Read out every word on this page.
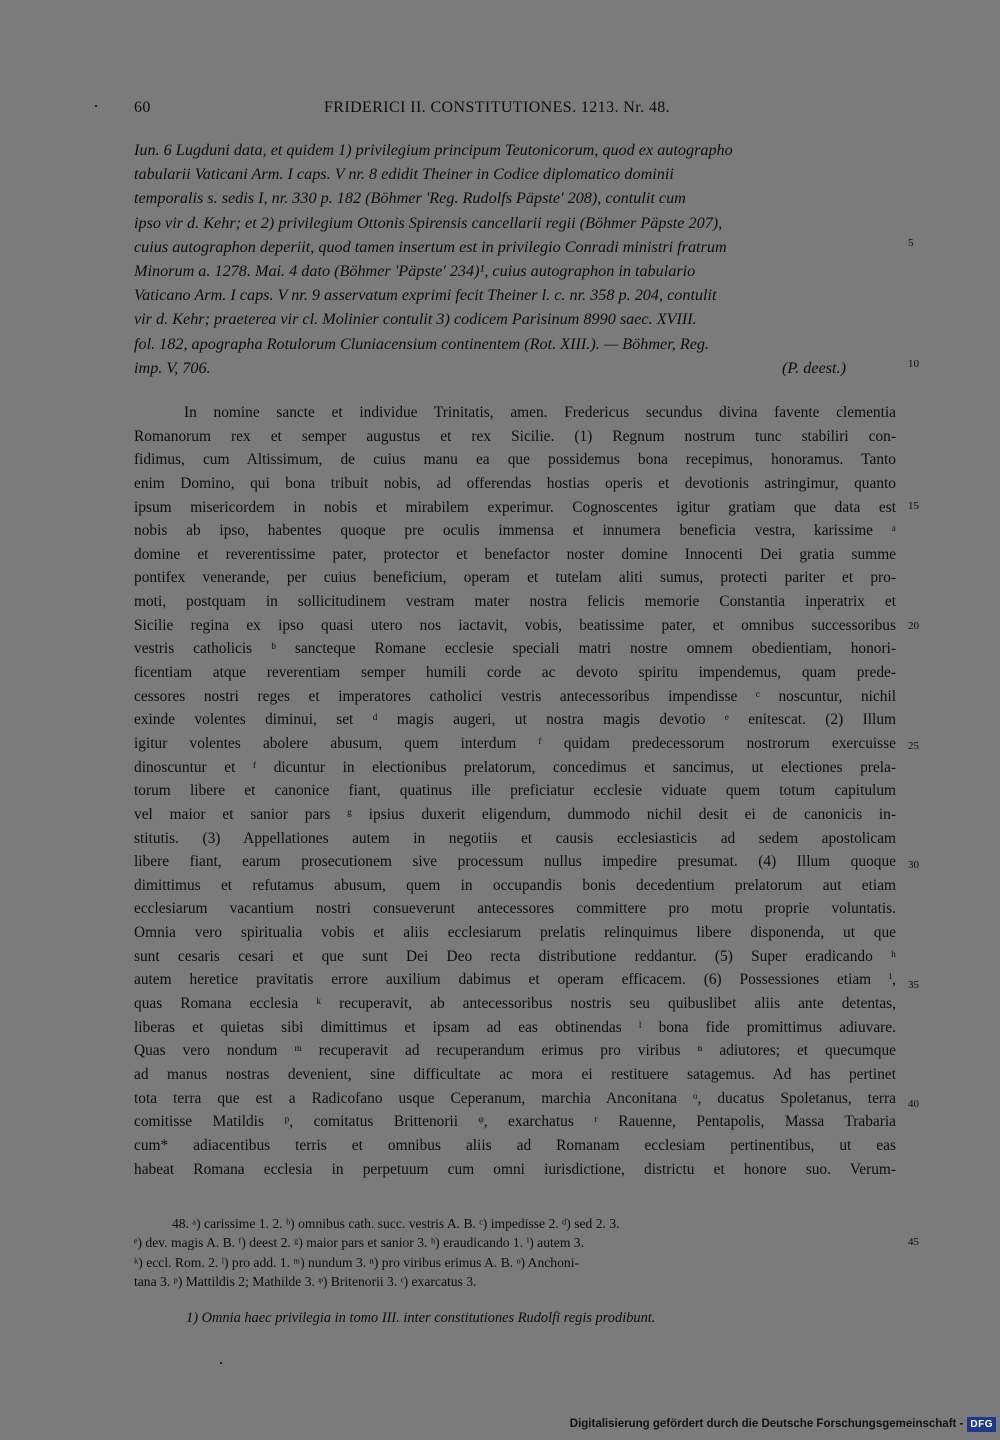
60	FRIDERICI II. CONSTITUTIONES. 1213. Nr. 48.
Iun. 6 Lugduni data, et quidem 1) privilegium principum Teutonicorum, quod ex autographo
tabularii Vaticani Arm. I caps. V nr. 8 edidit Theiner in Codice diplomatico dominii
temporalis s. sedis I, nr. 330 p. 182 (Böhmer 'Reg. Rudolfs Päpste' 208), contulit cum
ipso vir d. Kehr; et 2) privilegium Ottonis Spirensis cancellarii regii (Böhmer Päpste 207),
cuius autographon deperiit, quod tamen insertum est in privilegio Conradi ministri fratrum
Minorum a. 1278. Mai. 4 dato (Böhmer 'Päpste' 234)¹, cuius autographon in tabulario
Vaticano Arm. I caps. V nr. 9 asservatum exprimi fecit Theiner l. c. nr. 358 p. 204, contulit
vir d. Kehr; praeterea vir cl. Molinier contulit 3) codicem Parisinum 8990 saec. XVIII.
fol. 182, apographa Rotulorum Cluniacensium continentem (Rot. XIII.). — Böhmer, Reg.
imp. V, 706.	(P. deest.)
5
10
15
20
25
30
35
40
45
In nomine sancte et individue Trinitatis, amen. Fredericus secundus divina favente clementia
Romanorum rex et semper augustus et rex Sicilie. (1) Regnum nostrum tunc stabiliri con-
fidimus, cum Altissimum, de cuius manu ea que possidemus bona recepimus, honoramus. Tanto
enim Domino, qui bona tribuit nobis, ad offerendas hostias operis et devotionis astringimur, quanto
ipsum misericordem in nobis et mirabilem experimur. Cognoscentes igitur gratiam que data est
nobis ab ipso, habentes quoque pre oculis immensa et innumera beneficia vestra, karissime ᵃ
domine et reverentissime pater, protector et benefactor noster domine Innocenti Dei gratia summe
pontifex venerande, per cuius beneficium, operam et tutelam aliti sumus, protecti pariter et pro-
moti, postquam in sollicitudinem vestram mater nostra felicis memorie Constantia inperatrix et
Sicilie regina ex ipso quasi utero nos iactavit, vobis, beatissime pater, et omnibus successoribus
vestris catholicis ᵇ sancteque Romane ecclesie speciali matri nostre omnem obedientiam, honori-
ficentiam atque reverentiam semper humili corde ac devoto spiritu impendemus, quam prede-
cessores nostri reges et imperatores catholici vestris antecessoribus impendisse ᶜ noscuntur, nichil
exinde volentes diminui, set ᵈ magis augeri, ut nostra magis devotio ᵉ enitescat. (2) Illum
igitur volentes abolere abusum, quem interdum ᶠ quidam predecessorum nostrorum exercuisse
dinoscuntur et ᶠ dicuntur in electionibus prelatorum, concedimus et sancimus, ut electiones prela-
torum libere et canonice fiant, quatinus ille preficiatur ecclesie viduate quem totum capitulum
vel maior et sanior pars ᵍ ipsius duxerit eligendum, dummodo nichil desit ei de canonicis in-
stitutis. (3) Appellationes autem in negotiis et causis ecclesiasticis ad sedem apostolicam
libere fiant, earum prosecutionem sive processum nullus impedire presumat. (4) Illum quoque
dimittimus et refutamus abusum, quem in occupandis bonis decedentium prelatorum aut etiam
ecclesiarum vacantium nostri consueverunt antecessores committere pro motu proprie voluntatis.
Omnia vero spiritualia vobis et aliis ecclesiarum prelatis relinquimus libere disponenda, ut que
sunt cesaris cesari et que sunt Dei Deo recta distributione reddantur. (5) Super eradicando ʰ
autem heretice pravitatis errore auxilium dabimus et operam efficacem. (6) Possessiones etiam ⁱ,
quas Romana ecclesia ᵏ recuperavit, ab antecessoribus nostris seu quibuslibet aliis ante detentas,
liberas et quietas sibi dimittimus et ipsam ad eas obtinendas ˡ bona fide promittimus adiuvare.
Quas vero nondum ᵐ recuperavit ad recuperandum erimus pro viribus ⁿ adiutores; et quecumque
ad manus nostras devenient, sine difficultate ac mora ei restituere satagemus. Ad has pertinet
tota terra que est a Radicofano usque Ceperanum, marchia Anconitana ᵒ, ducatus Spoletanus, terra
comitisse Matildis ᵖ, comitatus Brittenorii ᵠ, exarchatus ʳ Rauenne, Pentapolis, Massa Trabaria
cum* adiacentibus terris et omnibus aliis ad Romanam ecclesiam pertinentibus, ut eas
habeat Romana ecclesia in perpetuum cum omni iurisdictione, districtu et honore suo. Verum-
48. ᵃ) carissime 1. 2. ᵇ) omnibus cath. succ. vestris A. B. ᶜ) impedisse 2. ᵈ) sed 2. 3.
ᵉ) dev. magis A. B. ᶠ) deest 2. ᵍ) maior pars et sanior 3. ʰ) eraudicando 1. ⁱ) autem 3.
ᵏ) eccl. Rom. 2. ˡ) pro add. 1. ᵐ) nundum 3. ⁿ) pro viribus erimus A. B. ᵒ) Anchoni-
tana 3. ᵖ) Mattildis 2; Mathilde 3. ᵠ) Britenorii 3. ʳ) exarcatus 3.
1) Omnia haec privilegia in tomo III. inter constitutiones Rudolfi regis prodibunt.
Digitalisierung gefördert durch die Deutsche Forschungsgemeinschaft - DFG
